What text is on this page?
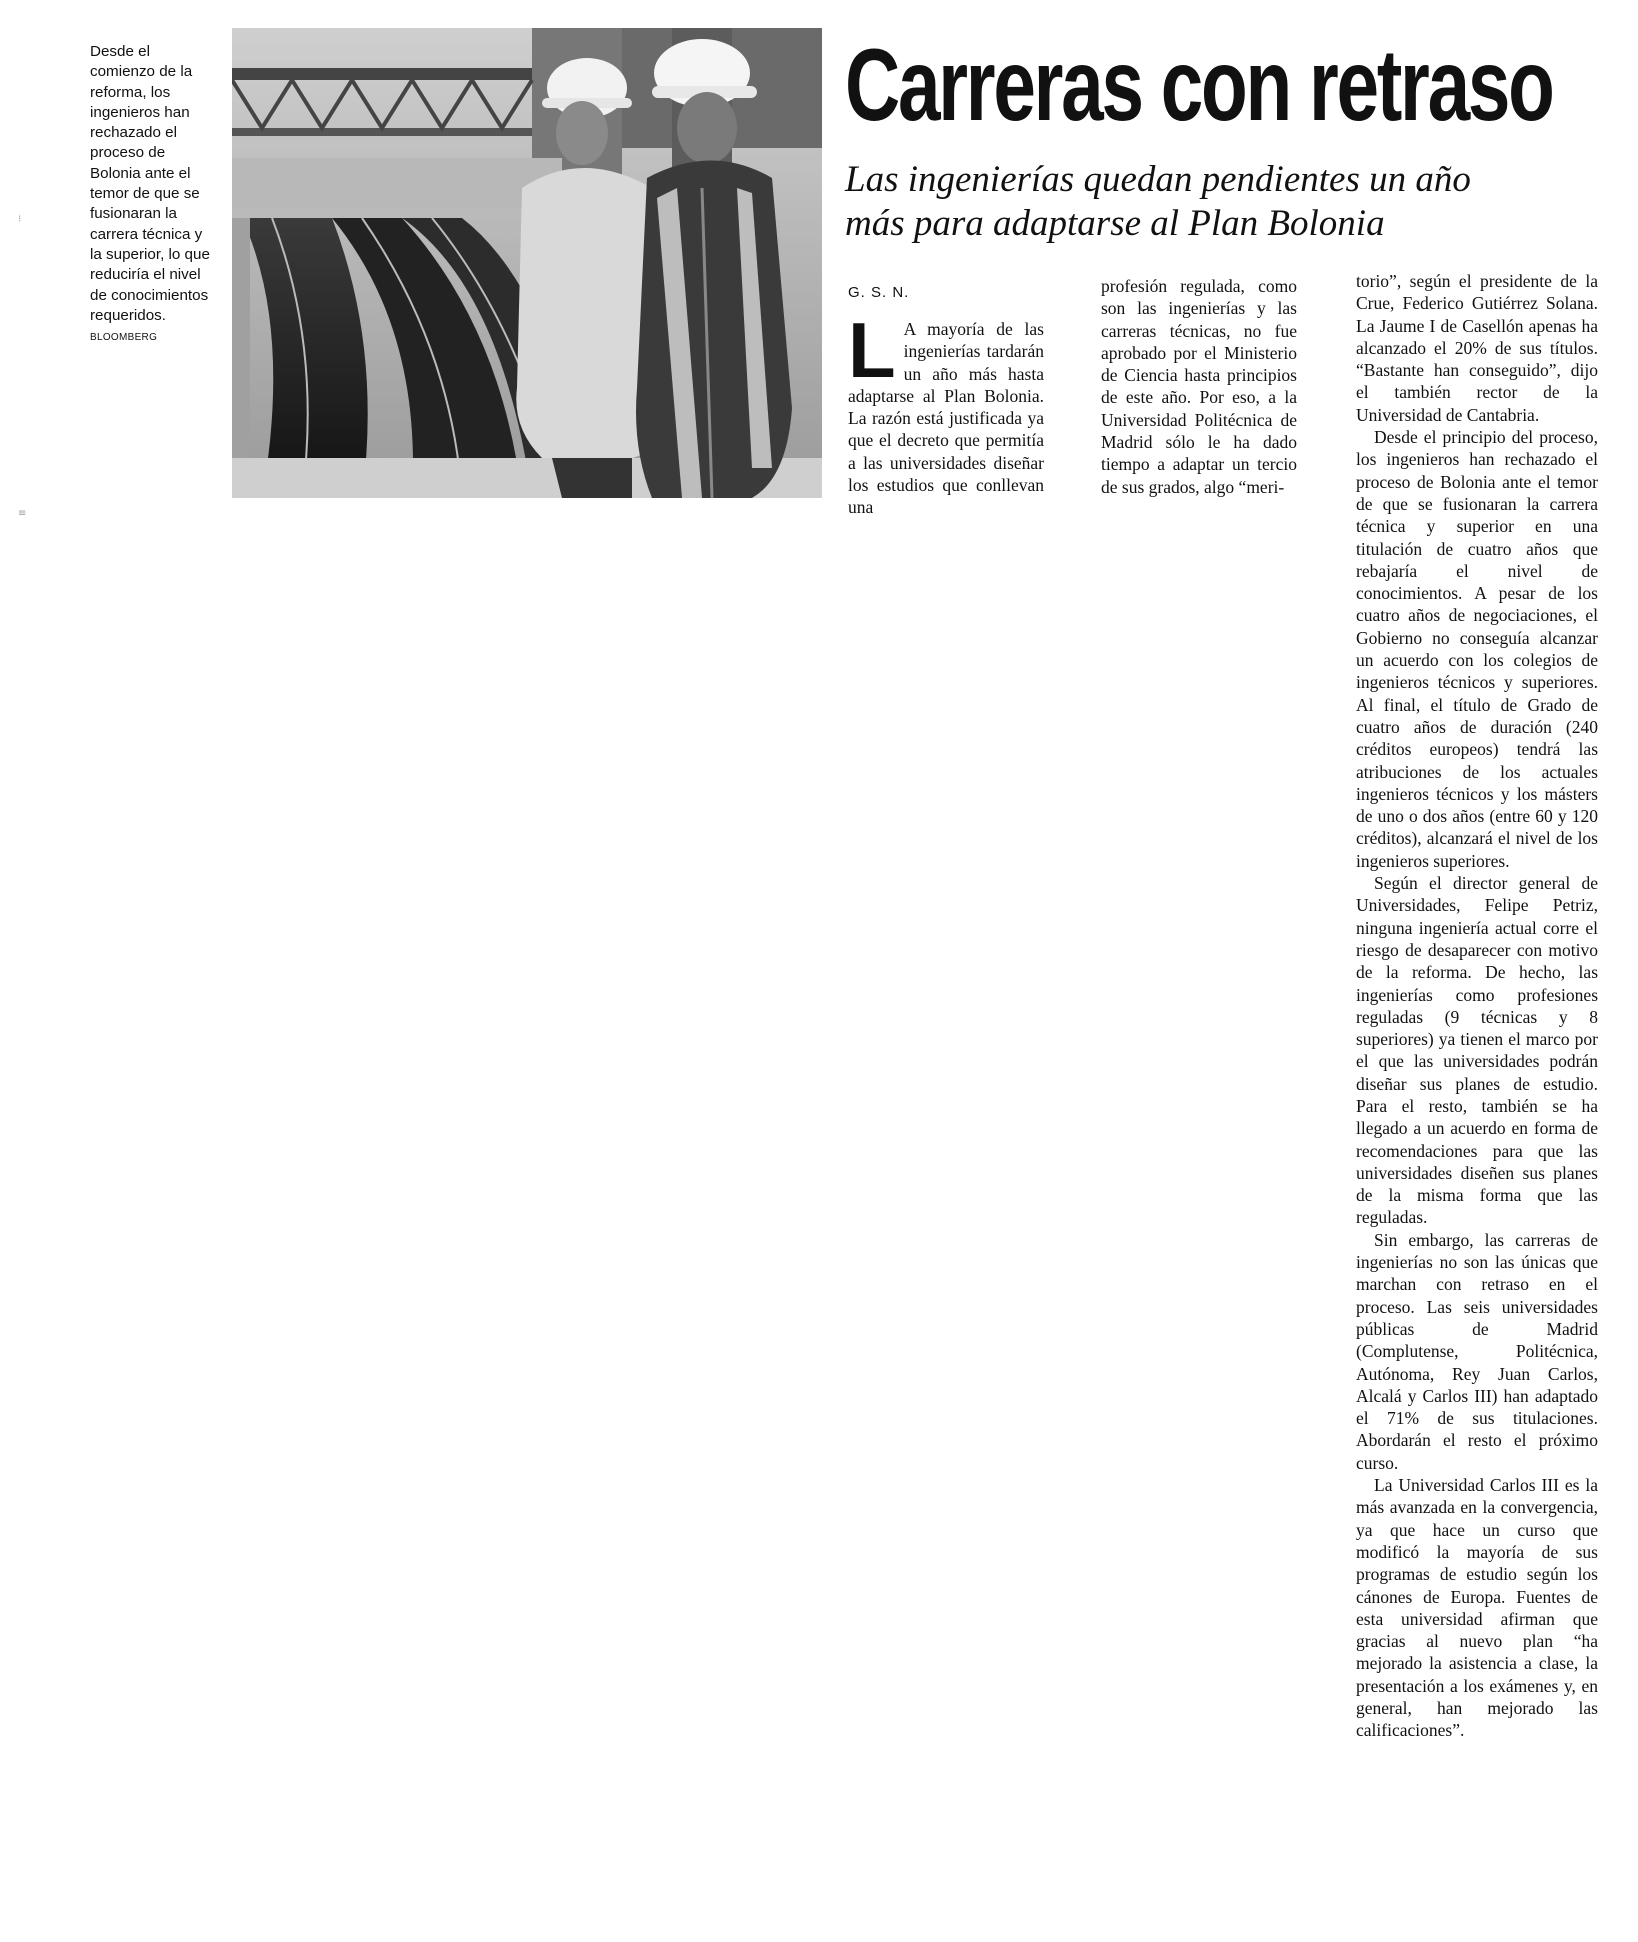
⁝
≡

Desde el comienzo de la reforma, los ingenieros han rechazado el proceso de Bolonia ante el temor de que se fusionaran la carrera técnica y la superior, lo que reduciría el nivel de conocimientos requeridos.

BLOOMBERG

Carreras con retraso
Las ingenierías quedan pendientes un año más para adaptarse al Plan Bolonia
G. S. N.
L A mayoría de las ingenierías tardarán un año más hasta adaptarse al Plan Bolonia. La razón está justificada ya que el decreto que permitía a las universidades diseñar los estudios que conllevan una

profesión regulada, como son las ingenierías y las carreras técnicas, no fue aprobado por el Ministerio de Ciencia hasta principios de este año. Por eso, a la Universidad Politécnica de Madrid sólo le ha dado tiempo a adaptar un tercio de sus grados, algo “meri-

torio”, según el presidente de la Crue, Federico Gutiérrez Solana. La Jaume I de Casellón apenas ha alcanzado el 20% de sus títulos. “Bastante han conseguido”, dijo el también rector de la Universidad de Cantabria.

Desde el principio del proceso, los ingenieros han rechazado el proceso de Bolonia ante el temor de que se fusionaran la carrera técnica y superior en una titulación de cuatro años que rebajaría el nivel de conocimientos. A pesar de los cuatro años de negociaciones, el Gobierno no conseguía alcanzar un acuerdo con los colegios de ingenieros técnicos y superiores. Al final, el título de Grado de cuatro años de duración (240 créditos europeos) tendrá las atribuciones de los actuales ingenieros técnicos y los másters de uno o dos años (entre 60 y 120 créditos), alcanzará el nivel de los ingenieros superiores.

Según el director general de Universidades, Felipe Petriz, ninguna ingeniería actual corre el riesgo de desaparecer con motivo de la reforma. De hecho, las ingenierías como profesiones reguladas (9 técnicas y 8 superiores) ya tienen el marco por el que las universidades podrán diseñar sus planes de estudio. Para el resto, también se ha llegado a un acuerdo en forma de recomendaciones para que las universidades diseñen sus planes de la misma forma que las reguladas.

Sin embargo, las carreras de ingenierías no son las únicas que marchan con retraso en el proceso. Las seis universidades públicas de Madrid (Complutense, Politécnica, Autónoma, Rey Juan Carlos, Alcalá y Carlos III) han adaptado el 71% de sus titulaciones. Abordarán el resto el próximo curso.

La Universidad Carlos III es la más avanzada en la convergencia, ya que hace un curso que modificó la mayoría de sus programas de estudio según los cánones de Europa. Fuentes de esta universidad afirman que gracias al nuevo plan “ha mejorado la asistencia a clase, la presentación a los exámenes y, en general, han mejorado las calificaciones”.
